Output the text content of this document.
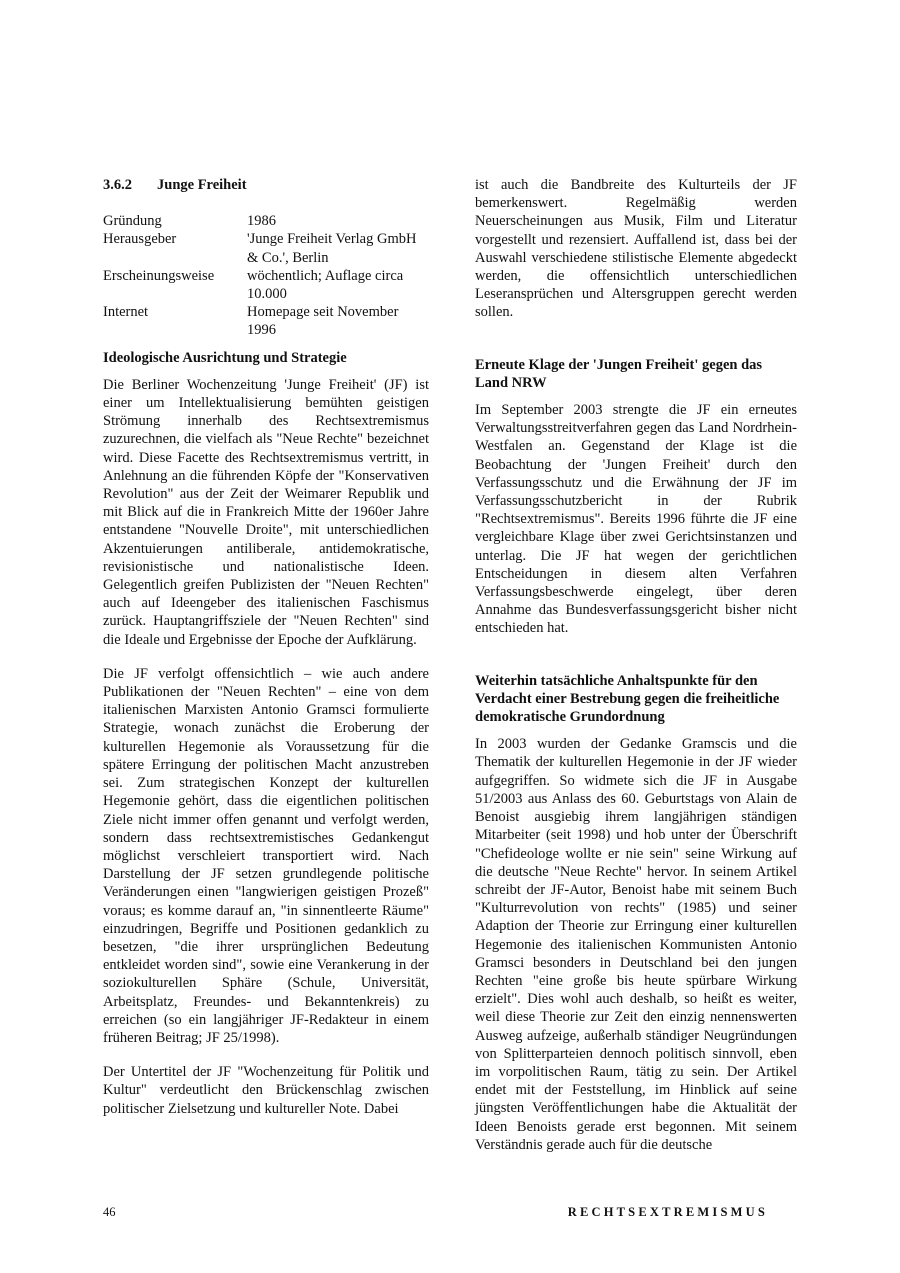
3.6.2	Junge Freiheit
Gründung	1986
Herausgeber	'Junge Freiheit Verlag GmbH & Co.', Berlin
Erscheinungsweise	wöchentlich; Auflage circa 10.000
Internet	Homepage seit November 1996
Ideologische Ausrichtung und Strategie

Die Berliner Wochenzeitung 'Junge Freiheit' (JF) ist einer um Intellektualisierung bemühten geistigen Strömung innerhalb des Rechtsextremismus zuzurechnen, die vielfach als "Neue Rechte" bezeichnet wird. Diese Facette des Rechtsextremismus vertritt, in Anlehnung an die führenden Köpfe der "Konservativen Revolution" aus der Zeit der Weimarer Republik und mit Blick auf die in Frankreich Mitte der 1960er Jahre entstandene "Nouvelle Droite", mit unterschiedlichen Akzentuierungen antiliberale, antidemokratische, revisionistische und nationalistische Ideen. Gelegentlich greifen Publizisten der "Neuen Rechten" auch auf Ideengeber des italienischen Faschismus zurück. Hauptangriffsziele der "Neuen Rechten" sind die Ideale und Ergebnisse der Epoche der Aufklärung.

Die JF verfolgt offensichtlich – wie auch andere Publikationen der "Neuen Rechten" – eine von dem italienischen Marxisten Antonio Gramsci formulierte Strategie, wonach zunächst die Eroberung der kulturellen Hegemonie als Voraussetzung für die spätere Erringung der politischen Macht anzustreben sei. Zum strategischen Konzept der kulturellen Hegemonie gehört, dass die eigentlichen politischen Ziele nicht immer offen genannt und verfolgt werden, sondern dass rechtsextremistisches Gedankengut möglichst verschleiert transportiert wird. Nach Darstellung der JF setzen grundlegende politische Veränderungen einen "langwierigen geistigen Prozeß" voraus; es komme darauf an, "in sinnentleerte Räume" einzudringen, Begriffe und Positionen gedanklich zu besetzen, "die ihrer ursprünglichen Bedeutung entkleidet worden sind", sowie eine Verankerung in der soziokulturellen Sphäre (Schule, Universität, Arbeitsplatz, Freundes- und Bekanntenkreis) zu erreichen (so ein langjähriger JF-Redakteur in einem früheren Beitrag; JF 25/1998).

Der Untertitel der JF "Wochenzeitung für Politik und Kultur" verdeutlicht den Brückenschlag zwischen politischer Zielsetzung und kultureller Note. Dabei

ist auch die Bandbreite des Kulturteils der JF bemerkenswert. Regelmäßig werden Neuerscheinungen aus Musik, Film und Literatur vorgestellt und rezensiert. Auffallend ist, dass bei der Auswahl verschiedene stilistische Elemente abgedeckt werden, die offensichtlich unterschiedlichen Leseransprüchen und Altersgruppen gerecht werden sollen.

Erneute Klage der 'Jungen Freiheit' gegen das Land NRW

Im September 2003 strengte die JF ein erneutes Verwaltungsstreitverfahren gegen das Land Nordrhein-Westfalen an. Gegenstand der Klage ist die Beobachtung der 'Jungen Freiheit' durch den Verfassungsschutz und die Erwähnung der JF im Verfassungsschutzbericht in der Rubrik "Rechtsextremismus". Bereits 1996 führte die JF eine vergleichbare Klage über zwei Gerichtsinstanzen und unterlag. Die JF hat wegen der gerichtlichen Entscheidungen in diesem alten Verfahren Verfassungsbeschwerde eingelegt, über deren Annahme das Bundesverfassungsgericht bisher nicht entschieden hat.

Weiterhin tatsächliche Anhaltspunkte für den Verdacht einer Bestrebung gegen die freiheitliche demokratische Grundordnung

In 2003 wurden der Gedanke Gramscis und die Thematik der kulturellen Hegemonie in der JF wieder aufgegriffen. So widmete sich die JF in Ausgabe 51/2003 aus Anlass des 60. Geburtstags von Alain de Benoist ausgiebig ihrem langjährigen ständigen Mitarbeiter (seit 1998) und hob unter der Überschrift "Chefideologe wollte er nie sein" seine Wirkung auf die deutsche "Neue Rechte" hervor. In seinem Artikel schreibt der JF-Autor, Benoist habe mit seinem Buch "Kulturrevolution von rechts" (1985) und seiner Adaption der Theorie zur Erringung einer kulturellen Hegemonie des italienischen Kommunisten Antonio Gramsci besonders in Deutschland bei den jungen Rechten "eine große bis heute spürbare Wirkung erzielt". Dies wohl auch deshalb, so heißt es weiter, weil diese Theorie zur Zeit den einzig nennenswerten Ausweg aufzeige, außerhalb ständiger Neugründungen von Splitterparteien dennoch politisch sinnvoll, eben im vorpolitischen Raum, tätig zu sein. Der Artikel endet mit der Feststellung, im Hinblick auf seine jüngsten Veröffentlichungen habe die Aktualität der Ideen Benoists gerade erst begonnen. Mit seinem Verständnis gerade auch für die deutsche

46	RECHTSEXTREMISMUS
